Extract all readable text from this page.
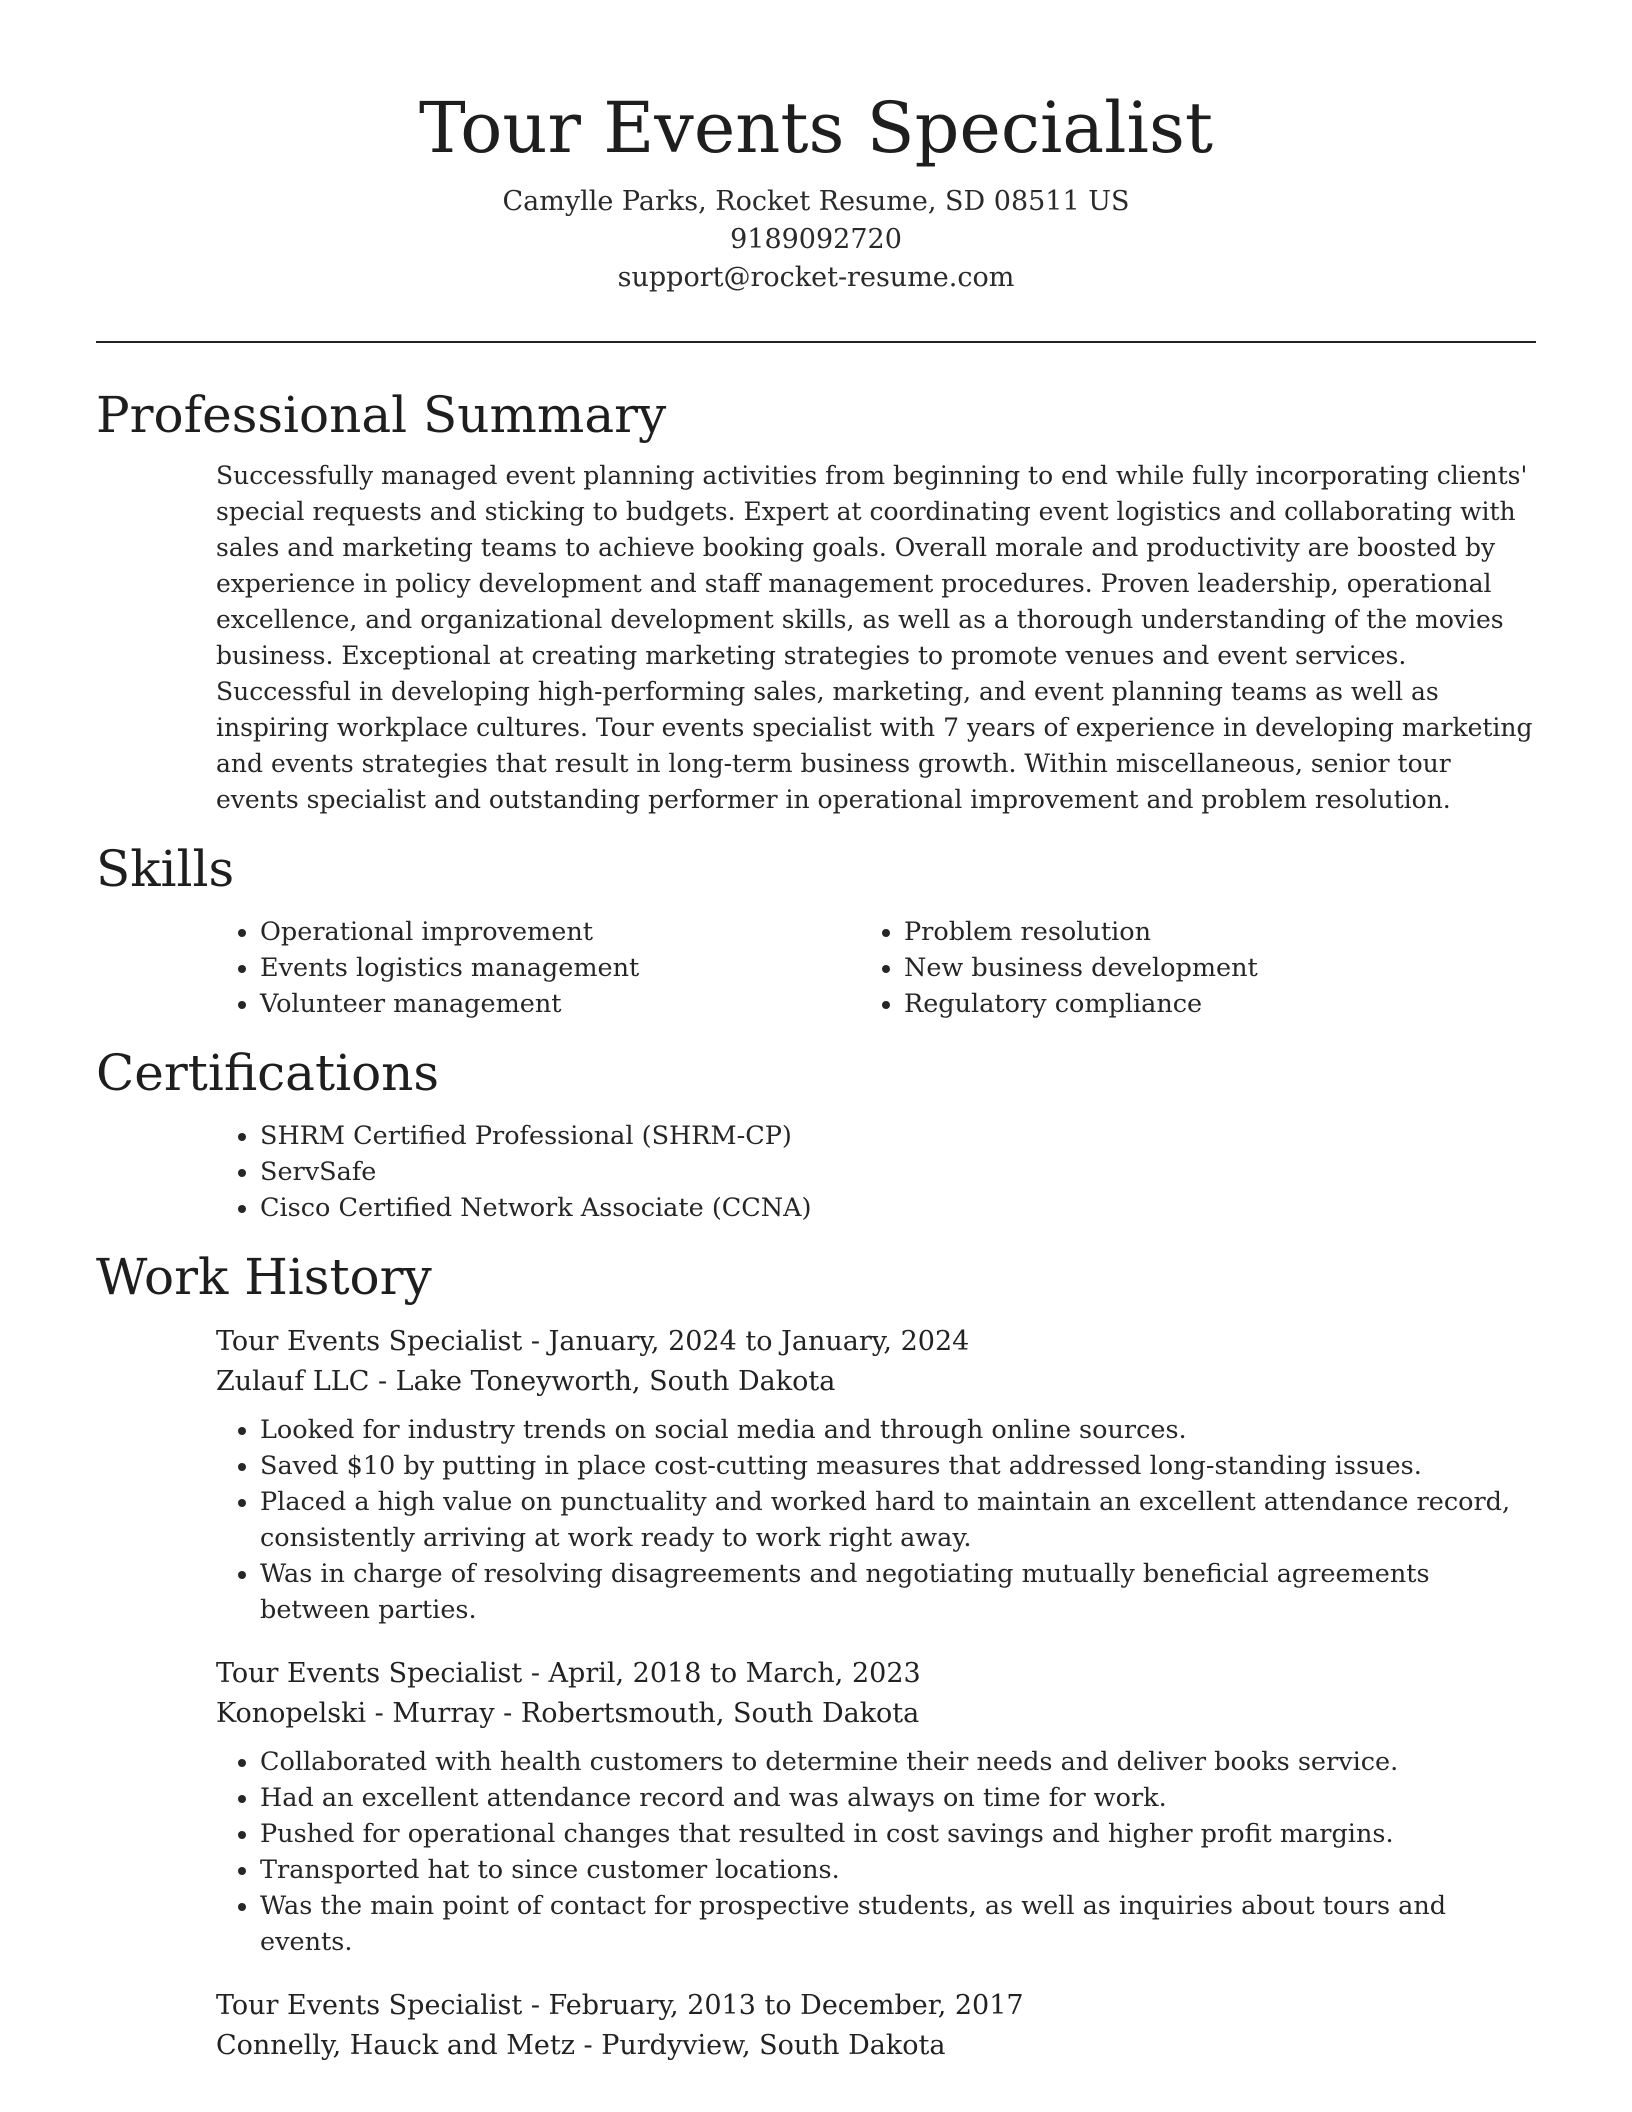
Tour Events Specialist
Camylle Parks, Rocket Resume, SD 08511 US
9189092720
support@rocket-resume.com
Professional Summary

Successfully managed event planning activities from beginning to end while fully incorporating clients' special requests and sticking to budgets. Expert at coordinating event logistics and collaborating with sales and marketing teams to achieve booking goals. Overall morale and productivity are boosted by experience in policy development and staff management procedures. Proven leadership, operational excellence, and organizational development skills, as well as a thorough understanding of the movies business. Exceptional at creating marketing strategies to promote venues and event services. Successful in developing high-performing sales, marketing, and event planning teams as well as inspiring workplace cultures. Tour events specialist with 7 years of experience in developing marketing and events strategies that result in long-term business growth. Within miscellaneous, senior tour events specialist and outstanding performer in operational improvement and problem resolution.

Skills
• Operational improvement
• Events logistics management
• Volunteer management
• Problem resolution
• New business development
• Regulatory compliance
Certifications
• SHRM Certified Professional (SHRM-CP)
• ServSafe
• Cisco Certified Network Associate (CCNA)
Work History
Tour Events Specialist - January, 2024 to January, 2024
Zulauf LLC - Lake Toneyworth, South Dakota
• Looked for industry trends on social media and through online sources.
• Saved $10 by putting in place cost-cutting measures that addressed long-standing issues.
• Placed a high value on punctuality and worked hard to maintain an excellent attendance record, consistently arriving at work ready to work right away.
• Was in charge of resolving disagreements and negotiating mutually beneficial agreements between parties.
Tour Events Specialist - April, 2018 to March, 2023
Konopelski - Murray - Robertsmouth, South Dakota
• Collaborated with health customers to determine their needs and deliver books service.
• Had an excellent attendance record and was always on time for work.
• Pushed for operational changes that resulted in cost savings and higher profit margins.
• Transported hat to since customer locations.
• Was the main point of contact for prospective students, as well as inquiries about tours and events.
Tour Events Specialist - February, 2013 to December, 2017
Connelly, Hauck and Metz - Purdyview, South Dakota
